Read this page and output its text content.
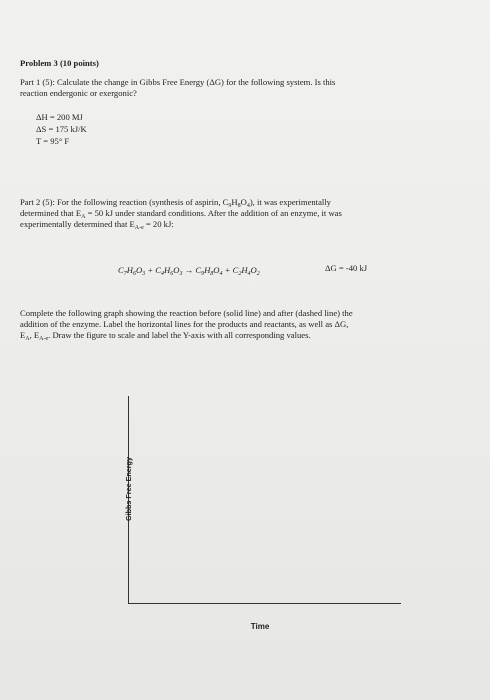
Problem 3 (10 points)
Part 1 (5): Calculate the change in Gibbs Free Energy (ΔG) for the following system. Is this
reaction endergonic or exergonic?
ΔH = 200 MJ
ΔS = 175 kJ/K
T = 95° F
Part 2 (5): For the following reaction (synthesis of aspirin, $C_9H_8O_4$), it was experimentally
determined that $E_A = 50$ kJ under standard conditions. After the addition of an enzyme, it was
experimentally determined that $E_{A-e} = 20$ kJ:
$C_7H_6O_3 + C_4H_6O_3 \to C_9H_8O_4 + C_2H_4O_2$
ΔG = -40 kJ
Complete the following graph showing the reaction before (solid line) and after (dashed line) the
addition of the enzyme. Label the horizontal lines for the products and reactants, as well as ΔG,
$E_A$, $E_{A-e}$. Draw the figure to scale and label the Y-axis with all corresponding values.
Gibbs Free Energy
Time
